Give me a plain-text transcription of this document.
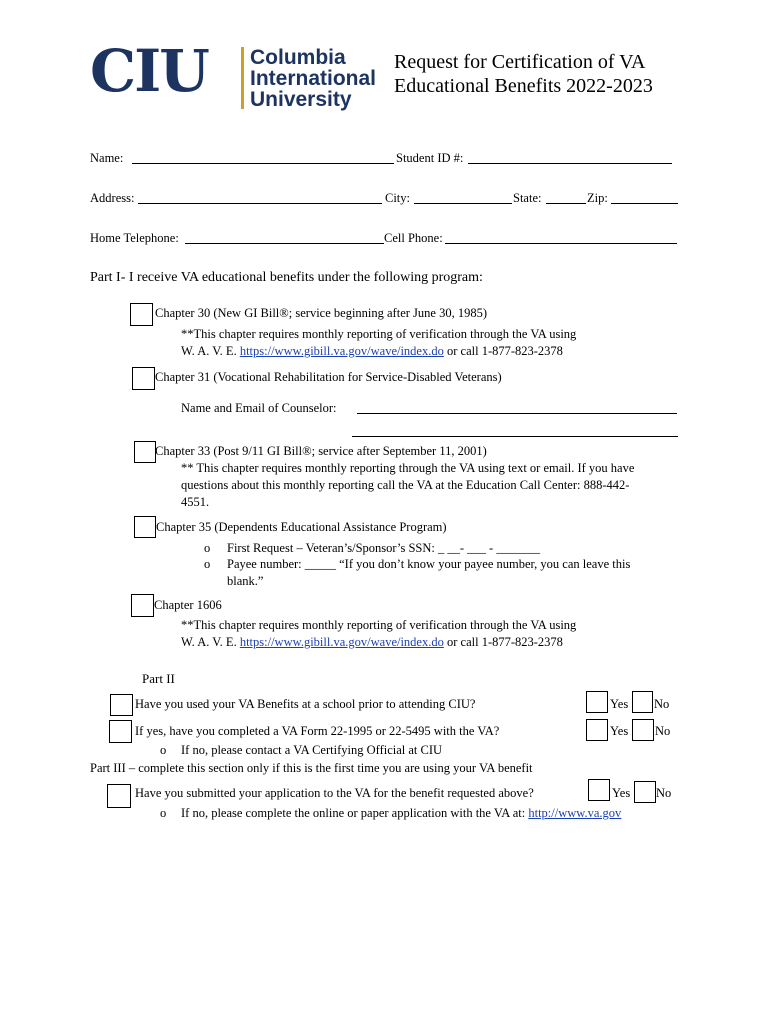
CIU Columbia
International
University
Request for Certification of VA
Educational Benefits 2022-2023
Name:	Student ID #:
Address:	City:	State:	Zip:
Home Telephone:	Cell Phone:
Part I- I receive VA educational benefits under the following program:
Chapter 30 (New GI Bill®; service beginning after June 30, 1985)
**This chapter requires monthly reporting of verification through the VA using
W. A. V. E. https://www.gibill.va.gov/wave/index.do or call 1-877-823-2378
Chapter 31 (Vocational Rehabilitation for Service-Disabled Veterans)
Name and Email of Counselor:
Chapter 33 (Post 9/11 GI Bill®; service after September 11, 2001)
** This chapter requires monthly reporting through the VA using text or email. If you have
questions about this monthly reporting call the VA at the Education Call Center: 888-442-
4551.
Chapter 35 (Dependents Educational Assistance Program)
o First Request – Veteran’s/Sponsor’s SSN: _ __- ___ - _______
o Payee number: _____ “If you don’t know your payee number, you can leave this
blank.”
Chapter 1606
**This chapter requires monthly reporting of verification through the VA using
W. A. V. E. https://www.gibill.va.gov/wave/index.do or call 1-877-823-2378
Part II
Have you used your VA Benefits at a school prior to attending CIU?	Yes No
If yes, have you completed a VA Form 22-1995 or 22-5495 with the VA?	Yes No
o If no, please contact a VA Certifying Official at CIU
Part III – complete this section only if this is the first time you are using your VA benefit
Have you submitted your application to the VA for the benefit requested above?	Yes No
o If no, please complete the online or paper application with the VA at: http://www.va.gov
